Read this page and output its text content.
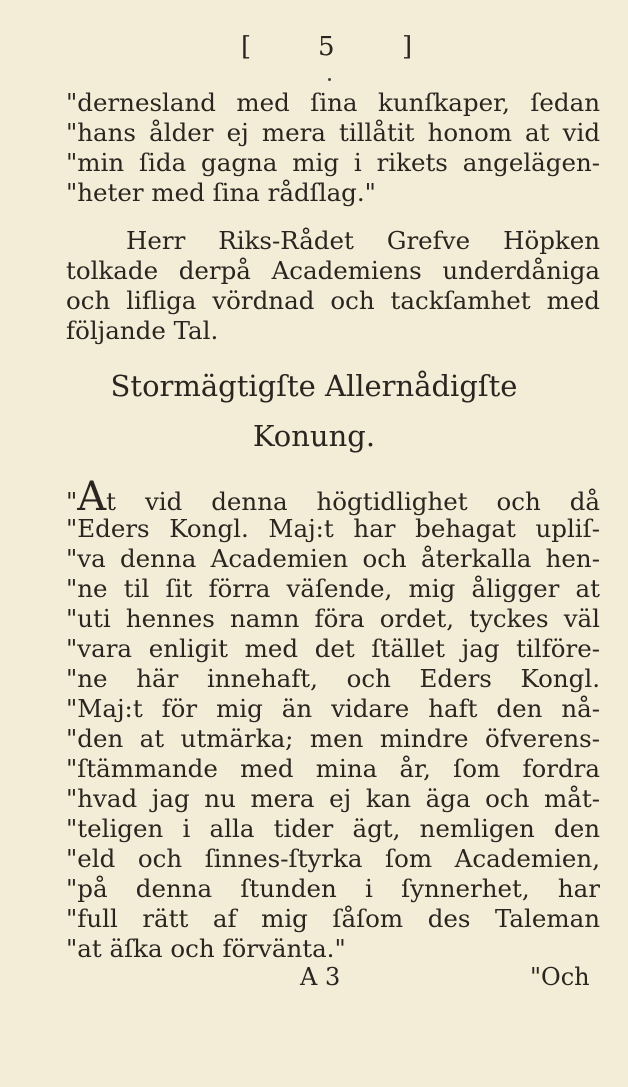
[ 5	]
"dernesland med ſina kunſkaper, ſedan
"hans ålder ej mera tillåtit honom at vid
"min ſida gagna mig i rikets angelägen-
"heter med ſina rådſlag."
Herr Riks-Rådet Grefve Höpken
tolkade derpå Academiens underdåniga
och lifliga vördnad och tackſamhet med
följande Tal.
Stormägtigſte Allernådigſte
Konung.
"At vid denna högtidlighet och då
"Eders Kongl. Maj:t har behagat upliſ-
"va denna Academien och återkalla hen-
"ne til ſit förra väſende, mig åligger at
"uti hennes namn föra ordet, tyckes väl
"vara enligit med det ſtället jag tilföre-
"ne här innehaft, och Eders Kongl.
"Maj:t för mig än vidare haft den nå-
"den at utmärka; men mindre öfverens-
"ſtämmande med mina år, ſom fordra
"hvad jag nu mera ej kan äga och måt-
"teligen i alla tider ägt, nemligen den
"eld och ſinnes-ſtyrka ſom Academien,
"på denna ſtunden i ſynnerhet, har
"full rätt af mig ſåſom des Taleman
"at äſka och förvänta."
A 3	"Och
